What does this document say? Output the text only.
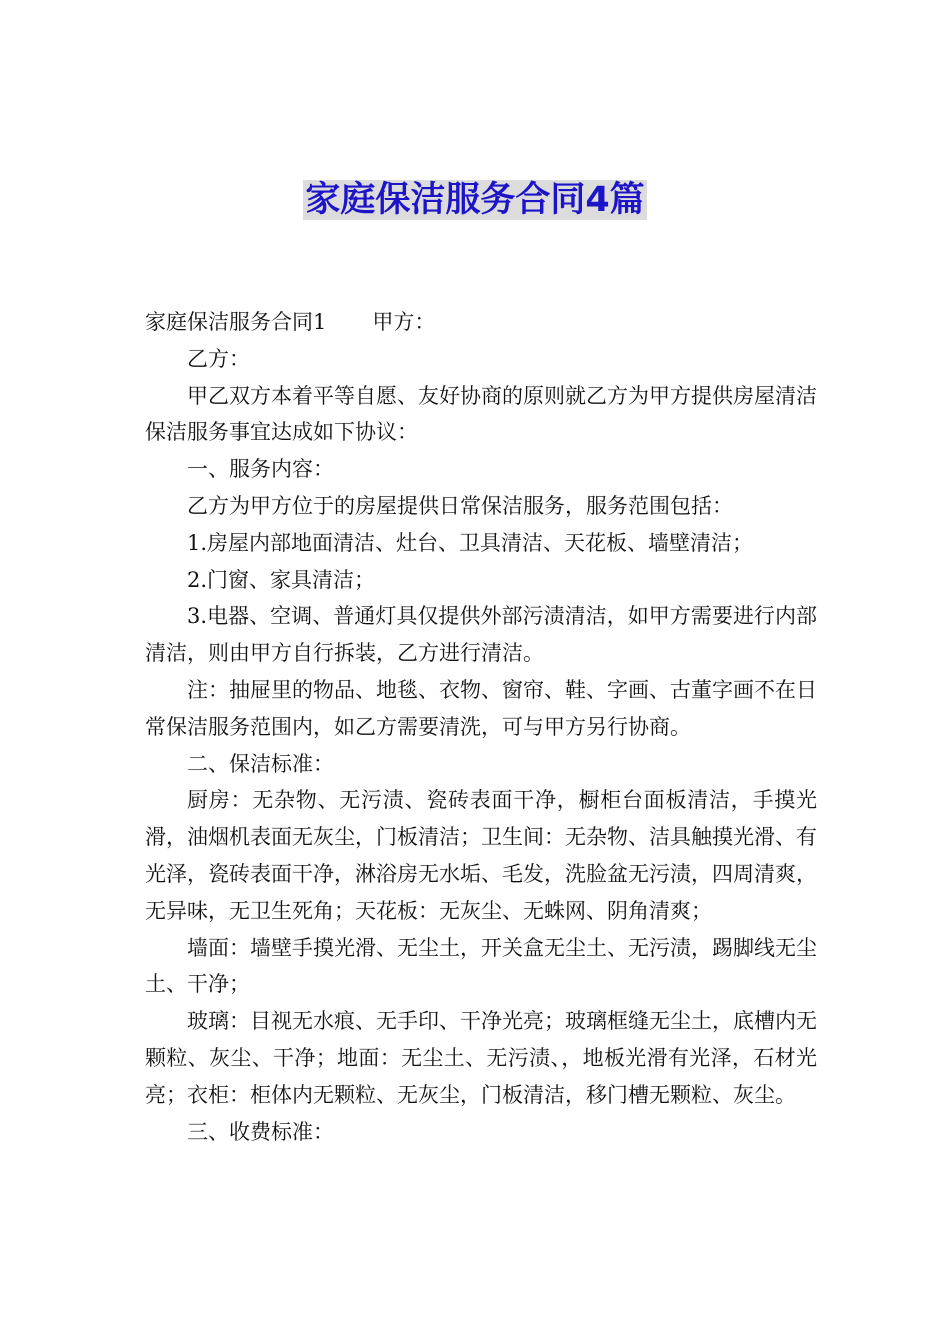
家庭保洁服务合同4篇

家庭保洁服务合同1 甲方：

乙方：

甲乙双方本着平等自愿、友好协商的原则就乙方为甲方提供房屋清洁保洁服务事宜达成如下协议：

一、服务内容：

乙方为甲方位于的房屋提供日常保洁服务，服务范围包括：

1.房屋内部地面清洁、灶台、卫具清洁、天花板、墙壁清洁；

2.门窗、家具清洁；

3.电器、空调、普通灯具仅提供外部污渍清洁，如甲方需要进行内部清洁，则由甲方自行拆装，乙方进行清洁。

注：抽屉里的物品、地毯、衣物、窗帘、鞋、字画、古董字画不在日常保洁服务范围内，如乙方需要清洗，可与甲方另行协商。

二、保洁标准：

厨房：无杂物、无污渍、瓷砖表面干净，橱柜台面板清洁，手摸光滑，油烟机表面无灰尘，门板清洁；卫生间：无杂物、洁具触摸光滑、有光泽，瓷砖表面干净，淋浴房无水垢、毛发，洗脸盆无污渍，四周清爽，无异味，无卫生死角；天花板：无灰尘、无蛛网、阴角清爽；

墙面：墙壁手摸光滑、无尘土，开关盒无尘土、无污渍，踢脚线无尘土、干净；

玻璃：目视无水痕、无手印、干净光亮；玻璃框缝无尘土，底槽内无颗粒、灰尘、干净；地面：无尘土、无污渍、，地板光滑有光泽，石材光亮；衣柜：柜体内无颗粒、无灰尘，门板清洁，移门槽无颗粒、灰尘。

三、收费标准：
